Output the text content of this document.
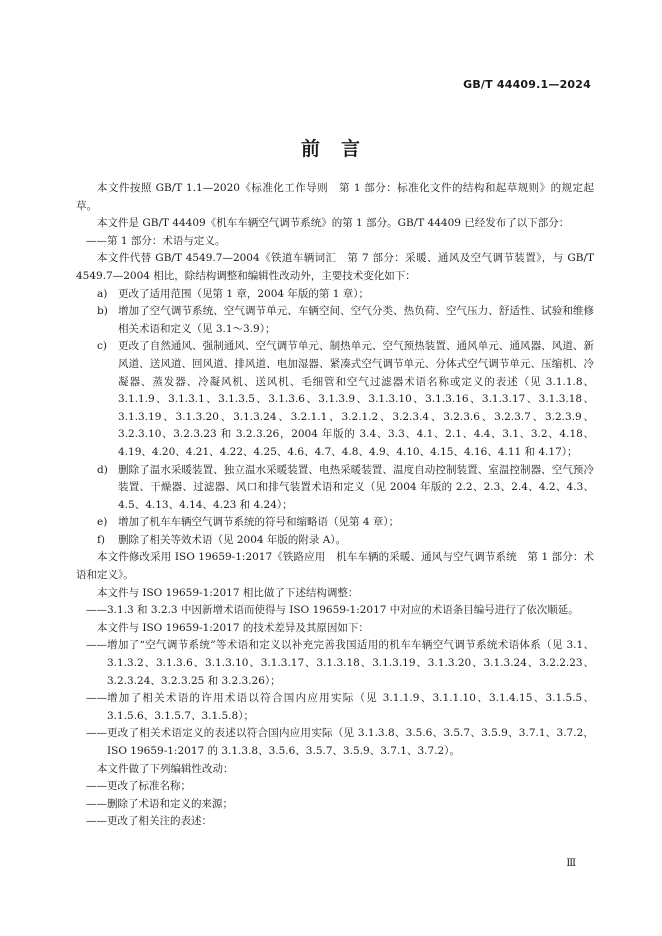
GB/T 44409.1—2024
前　言

本文件按照 GB/T 1.1—2020《标准化工作导则　第 1 部分：标准化文件的结构和起草规则》的规定起草。

本文件是 GB/T 44409《机车车辆空气调节系统》的第 1 部分。GB/T 44409 已经发布了以下部分：

—— 第 1 部分：术语与定义。

本文件代替 GB/T 4549.7—2004《铁道车辆词汇　第 7 部分：采暖、通风及空气调节装置》，与 GB/T 4549.7—2004 相比，除结构调整和编辑性改动外，主要技术变化如下：

a)	更改了适用范围（见第 1 章，2004 年版的第 1 章）；
b) 增加了空气调节系统、空气调节单元、车辆空间、空气分类、热负荷、空气压力、舒适性、试验和维修相关术语和定义（见 3.1～3.9）；
c)	更改了自然通风、强制通风、空气调节单元、制热单元、空气预热装置、通风单元、通风器、风道、新风道、送风道、回风道、排风道、电加湿器、紧凑式空气调节单元、分体式空气调节单元、压缩机、冷凝器、蒸发器、冷凝风机、送风机、毛细管和空气过滤器术语名称或定义的表述（见 3.1.1.8、3.1.1.9、3.1.3.1、3.1.3.5、3.1.3.6、3.1.3.9、3.1.3.10、3.1.3.16、3.1.3.17、3.1.3.18、3.1.3.19、3.1.3.20、3.1.3.24、3.2.1.1、3.2.1.2、3.2.3.4、3.2.3.6、3.2.3.7、3.2.3.9、3.2.3.10、3.2.3.23 和 3.2.3.26，2004 年版的 3.4、3.3、4.1、2.1、4.4、3.1、3.2、4.18、4.19、4.20、4.21、4.22、4.25、4.6、4.7、4.8、4.9、4.10、4.15、4.16、4.11 和 4.17）；
d) 删除了温水采暖装置、独立温水采暖装置、电热采暖装置、温度自动控制装置、室温控制器、空气预冷装置、干燥器、过滤器、风口和排气装置术语和定义（见 2004 年版的 2.2、2.3、2.4、4.2、4.3、4.5、4.13、4.14、4.23 和 4.24）；
e)	增加了机车车辆空气调节系统的符号和缩略语（见第 4 章）；
f)	删除了相关等效术语（见 2004 年版的附录 A）。

本文件修改采用 ISO 19659-1:2017《铁路应用　机车车辆的采暖、通风与空气调节系统　第 1 部分：术语和定义》。

本文件与 ISO 19659-1:2017 相比做了下述结构调整：

—— 3.1.3 和 3.2.3 中因新增术语而使得与 ISO 19659-1:2017 中对应的术语条目编号进行了依次顺延。

本文件与 ISO 19659-1:2017 的技术差异及其原因如下：

—— 增加了“空气调节系统”等术语和定义以补充完善我国适用的机车车辆空气调节系统术语体系（见 3.1、3.1.3.2、3.1.3.6、3.1.3.10、3.1.3.17、3.1.3.18、3.1.3.19、3.1.3.20、3.1.3.24、3.2.2.23、3.2.3.24、3.2.3.25 和 3.2.3.26）；
—— 增加了相关术语的许用术语以符合国内应用实际（见 3.1.1.9、3.1.1.10、3.1.4.15、3.1.5.5、3.1.5.6、3.1.5.7、3.1.5.8）；
—— 更改了相关术语定义的表述以符合国内应用实际（见 3.1.3.8、3.5.6、3.5.7、3.5.9、3.7.1、3.7.2，ISO 19659-1:2017 的 3.1.3.8、3.5.6、3.5.7、3.5.9、3.7.1、3.7.2）。

本文件做了下列编辑性改动：

—— 更改了标准名称；
—— 删除了术语和定义的来源；
—— 更改了相关注的表述：
Ⅲ
